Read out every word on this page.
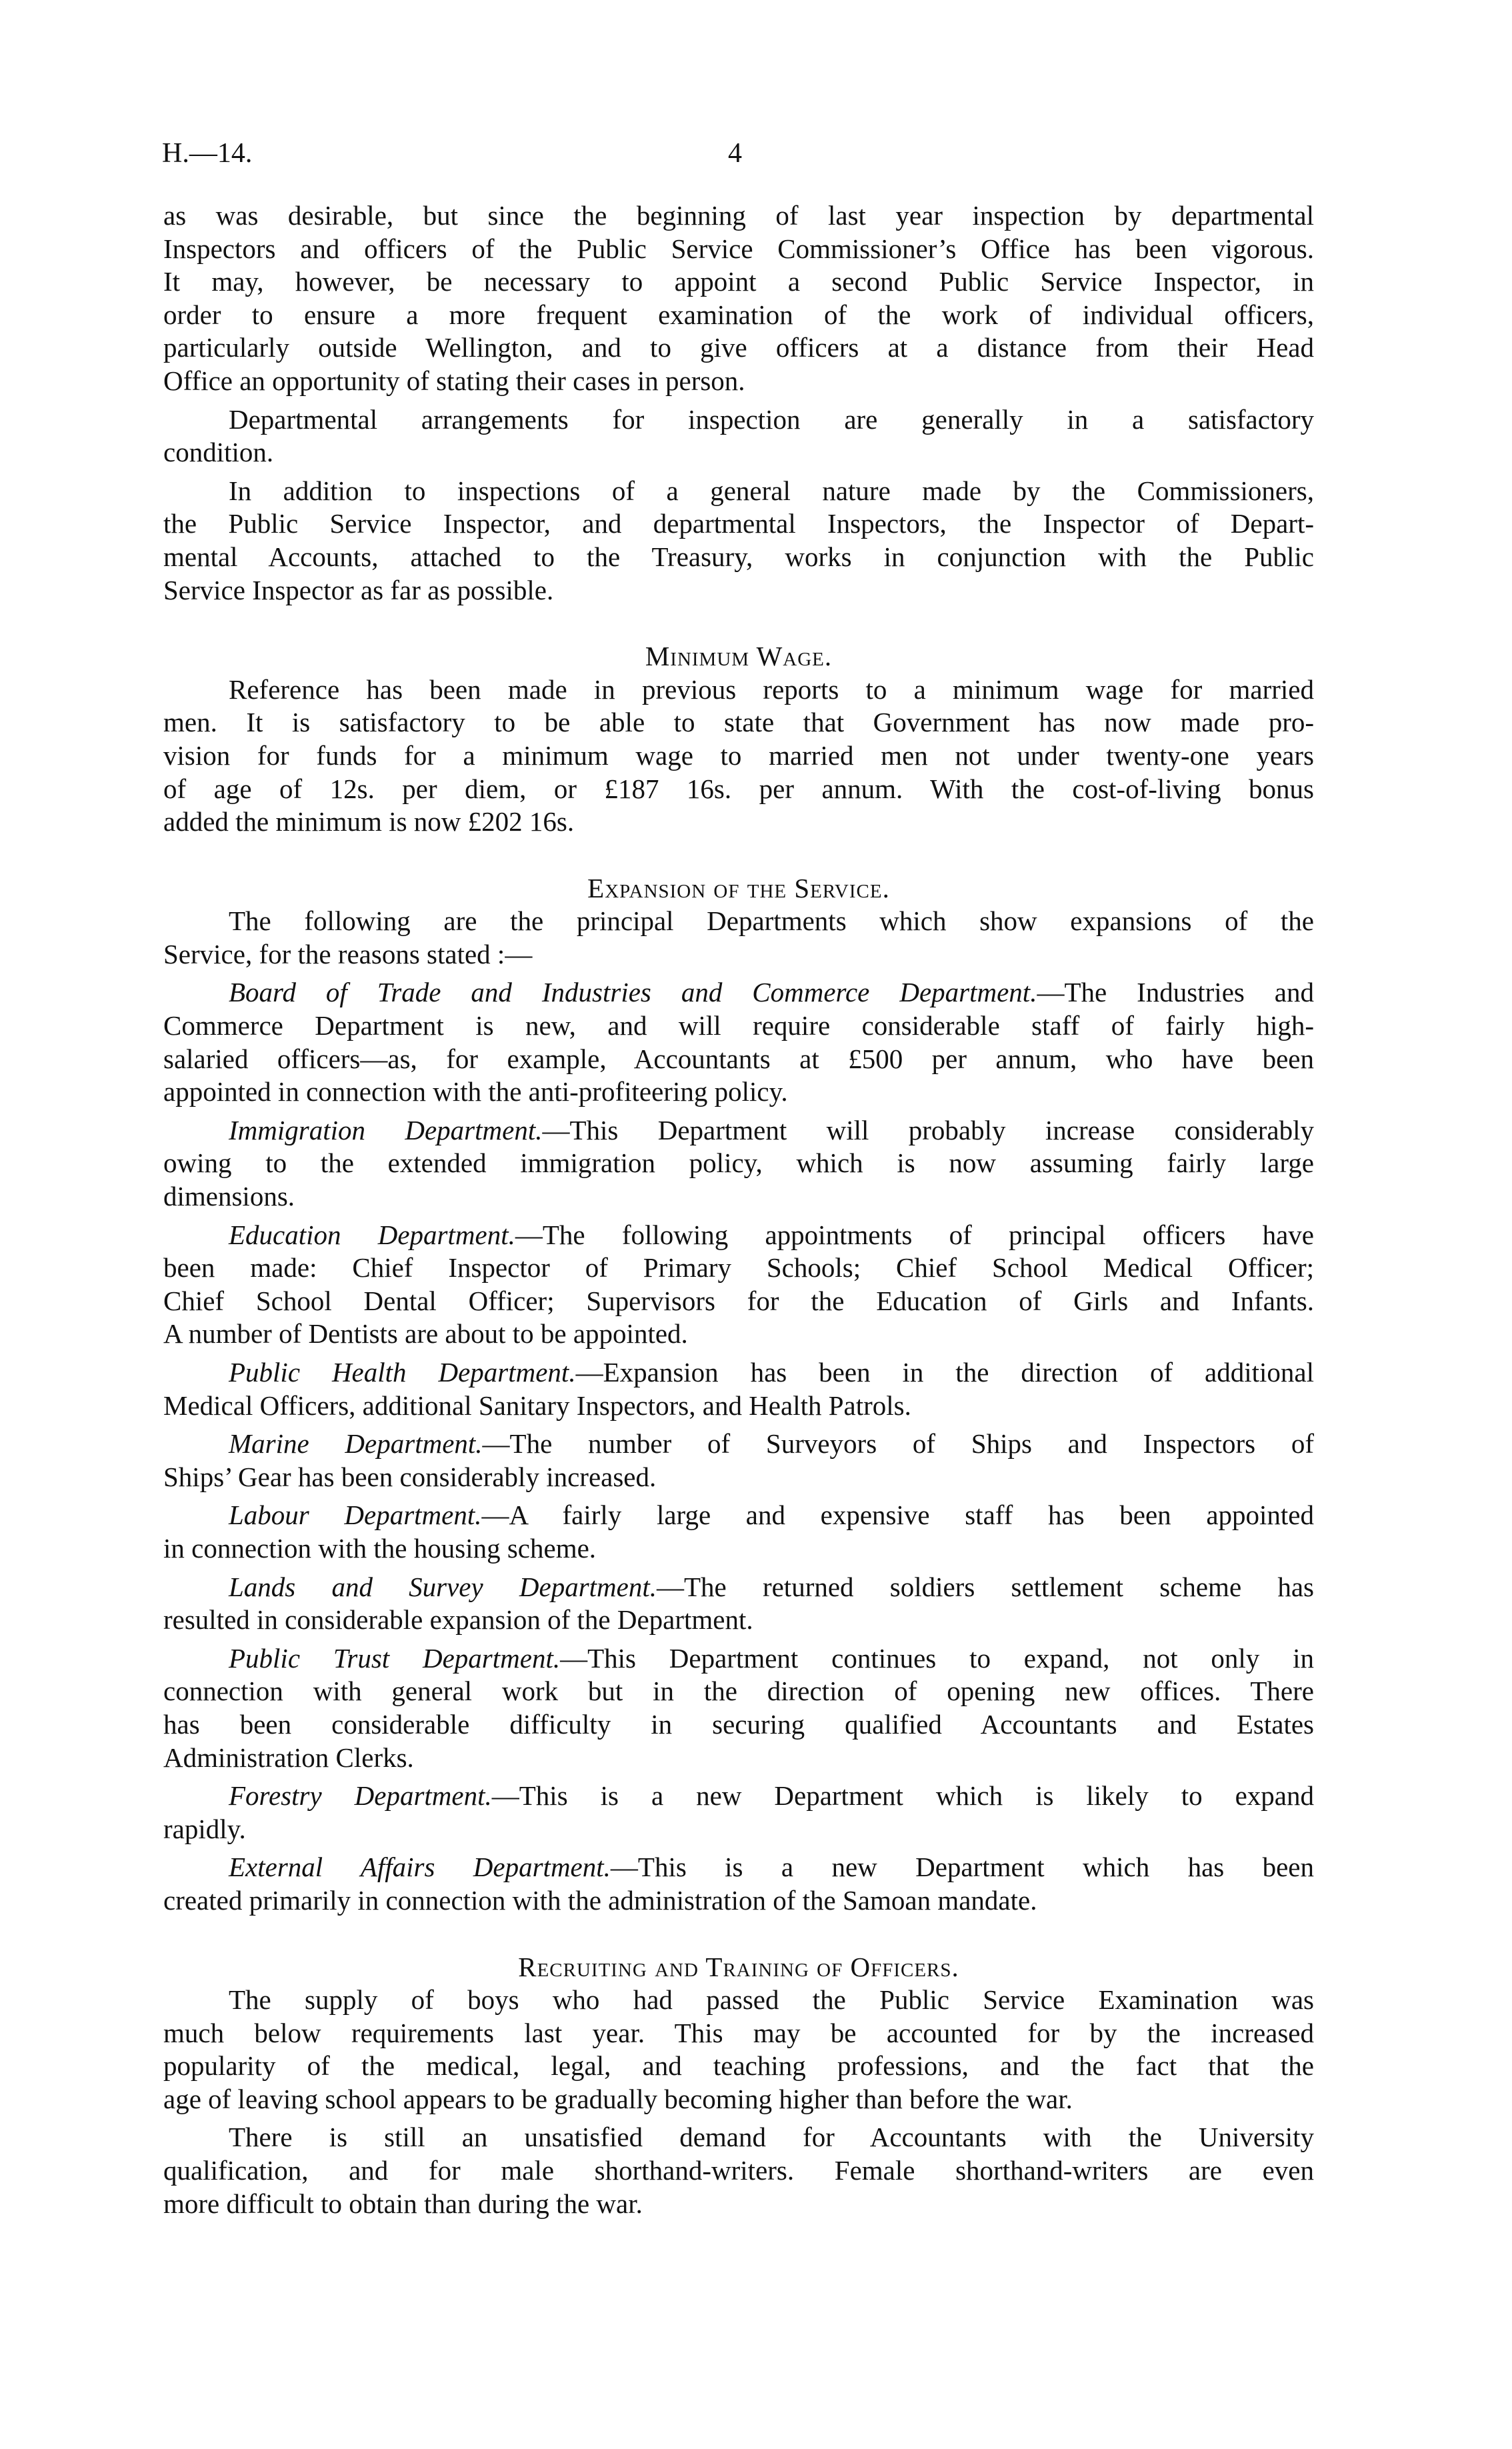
H.—14.	4
as was desirable, but since the beginning of last year inspection by departmental
Inspectors and officers of the Public Service Commissioner’s Office has been vigorous.
It may, however, be necessary to appoint a second Public Service Inspector, in
order to ensure a more frequent examination of the work of individual officers,
particularly outside Wellington, and to give officers at a distance from their Head
Office an opportunity of stating their cases in person.
Departmental arrangements for inspection are generally in a satisfactory
condition.
In addition to inspections of a general nature made by the Commissioners,
the Public Service Inspector, and departmental Inspectors, the Inspector of Depart-
mental Accounts, attached to the Treasury, works in conjunction with the Public
Service Inspector as far as possible.
Minimum Wage.
Reference has been made in previous reports to a minimum wage for married
men. It is satisfactory to be able to state that Government has now made pro-
vision for funds for a minimum wage to married men not under twenty-one years
of age of 12s. per diem, or £187 16s. per annum. With the cost-of-living bonus
added the minimum is now £202 16s.
Expansion of the Service.
The following are the principal Departments which show expansions of the
Service, for the reasons stated :—
Board of Trade and Industries and Commerce Department.—The Industries and
Commerce Department is new, and will require considerable staff of fairly high-
salaried officers—as, for example, Accountants at £500 per annum, who have been
appointed in connection with the anti-profiteering policy.
Immigration Department.—This Department will probably increase considerably
owing to the extended immigration policy, which is now assuming fairly large
dimensions.
Education Department.—The following appointments of principal officers have
been made: Chief Inspector of Primary Schools; Chief School Medical Officer;
Chief School Dental Officer; Supervisors for the Education of Girls and Infants.
A number of Dentists are about to be appointed.
Public Health Department.—Expansion has been in the direction of additional
Medical Officers, additional Sanitary Inspectors, and Health Patrols.
Marine Department.—The number of Surveyors of Ships and Inspectors of
Ships’ Gear has been considerably increased.
Labour Department.—A fairly large and expensive staff has been appointed
in connection with the housing scheme.
Lands and Survey Department.—The returned soldiers settlement scheme has
resulted in considerable expansion of the Department.
Public Trust Department.—This Department continues to expand, not only in
connection with general work but in the direction of opening new offices. There
has been considerable difficulty in securing qualified Accountants and Estates
Administration Clerks.
Forestry Department.—This is a new Department which is likely to expand
rapidly.
External Affairs Department.—This is a new Department which has been
created primarily in connection with the administration of the Samoan mandate.
Recruiting and Training of Officers.
The supply of boys who had passed the Public Service Examination was
much below requirements last year. This may be accounted for by the increased
popularity of the medical, legal, and teaching professions, and the fact that the
age of leaving school appears to be gradually becoming higher than before the war.
There is still an unsatisfied demand for Accountants with the University
qualification, and for male shorthand-writers. Female shorthand-writers are even
more difficult to obtain than during the war.
